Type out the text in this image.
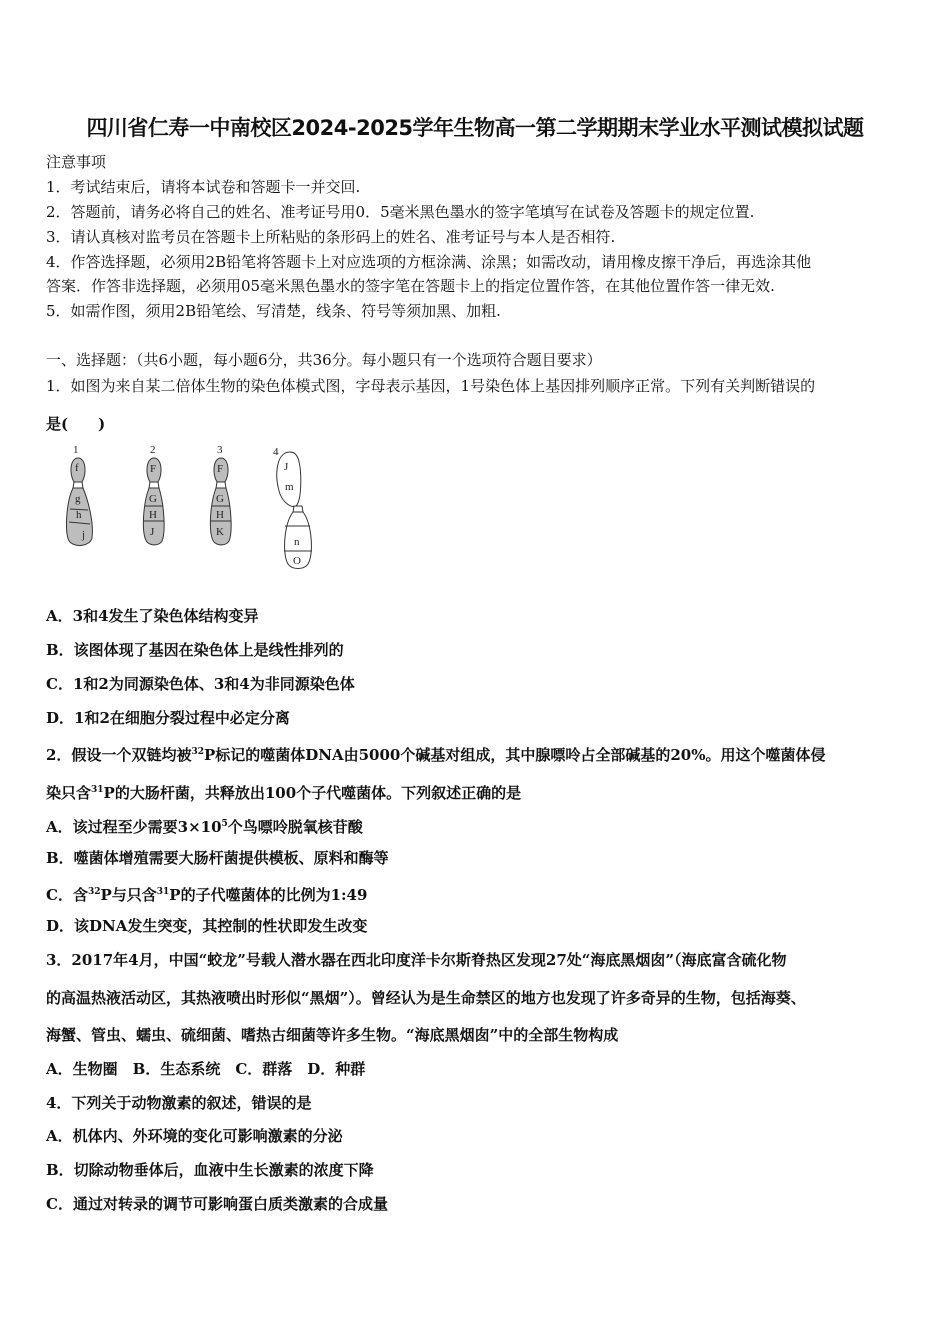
四川省仁寿一中南校区2024-2025学年生物高一第二学期期末学业水平测试模拟试题
注意事项
1．考试结束后，请将本试卷和答题卡一并交回.
2．答题前，请务必将自己的姓名、准考证号用0．5毫米黑色墨水的签字笔填写在试卷及答题卡的规定位置.
3．请认真核对监考员在答题卡上所粘贴的条形码上的姓名、准考证号与本人是否相符.
4．作答选择题，必须用2B铅笔将答题卡上对应选项的方框涂满、涂黑；如需改动，请用橡皮擦干净后，再选涂其他
答案．作答非选择题，必须用05毫米黑色墨水的签字笔在答题卡上的指定位置作答，在其他位置作答一律无效.
5．如需作图，须用2B铅笔绘、写清楚，线条、符号等须加黑、加粗.
一、选择题：（共6小题，每小题6分，共36分。每小题只有一个选项符合题目要求）
1．如图为来自某二倍体生物的染色体模式图，字母表示基因，1号染色体上基因排列顺序正常。下列有关判断错误的
是(　　)
1
f
g
h
j
2
F
G
H
J
3
F
G
H
K
4
J
m
n
O
A．3和4发生了染色体结构变异
B．该图体现了基因在染色体上是线性排列的
C．1和2为同源染色体、3和4为非同源染色体
D．1和2在细胞分裂过程中必定分离
2．假设一个双链均被$^{32}$P标记的噬菌体DNA由5000个碱基对组成，其中腺嘌呤占全部碱基的20%。用这个噬菌体侵
染只含$^{31}$P的大肠杆菌，共释放出100个子代噬菌体。下列叙述正确的是
A．该过程至少需要$3\times 10^5$个鸟嘌呤脱氧核苷酸
B．噬菌体增殖需要大肠杆菌提供模板、原料和酶等
C．含$^{32}$P与只含$^{31}$P的子代噬菌体的比例为1:49
D．该DNA发生突变，其控制的性状即发生改变
3．2017年4月，中国“蛟龙”号载人潜水器在西北印度洋卡尔斯脊热区发现27处“海底黑烟囱”（海底富含硫化物
的高温热液活动区，其热液喷出时形似“黑烟”）。曾经认为是生命禁区的地方也发现了许多奇异的生物，包括海葵、
海蟹、管虫、蠕虫、硫细菌、嗜热古细菌等许多生物。“海底黑烟囱”中的全部生物构成
A．生物圈　B．生态系统　C．群落　D．种群
4．下列关于动物激素的叙述，错误的是
A．机体内、外环境的变化可影响激素的分泌
B．切除动物垂体后，血液中生长激素的浓度下降
C．通过对转录的调节可影响蛋白质类激素的合成量
